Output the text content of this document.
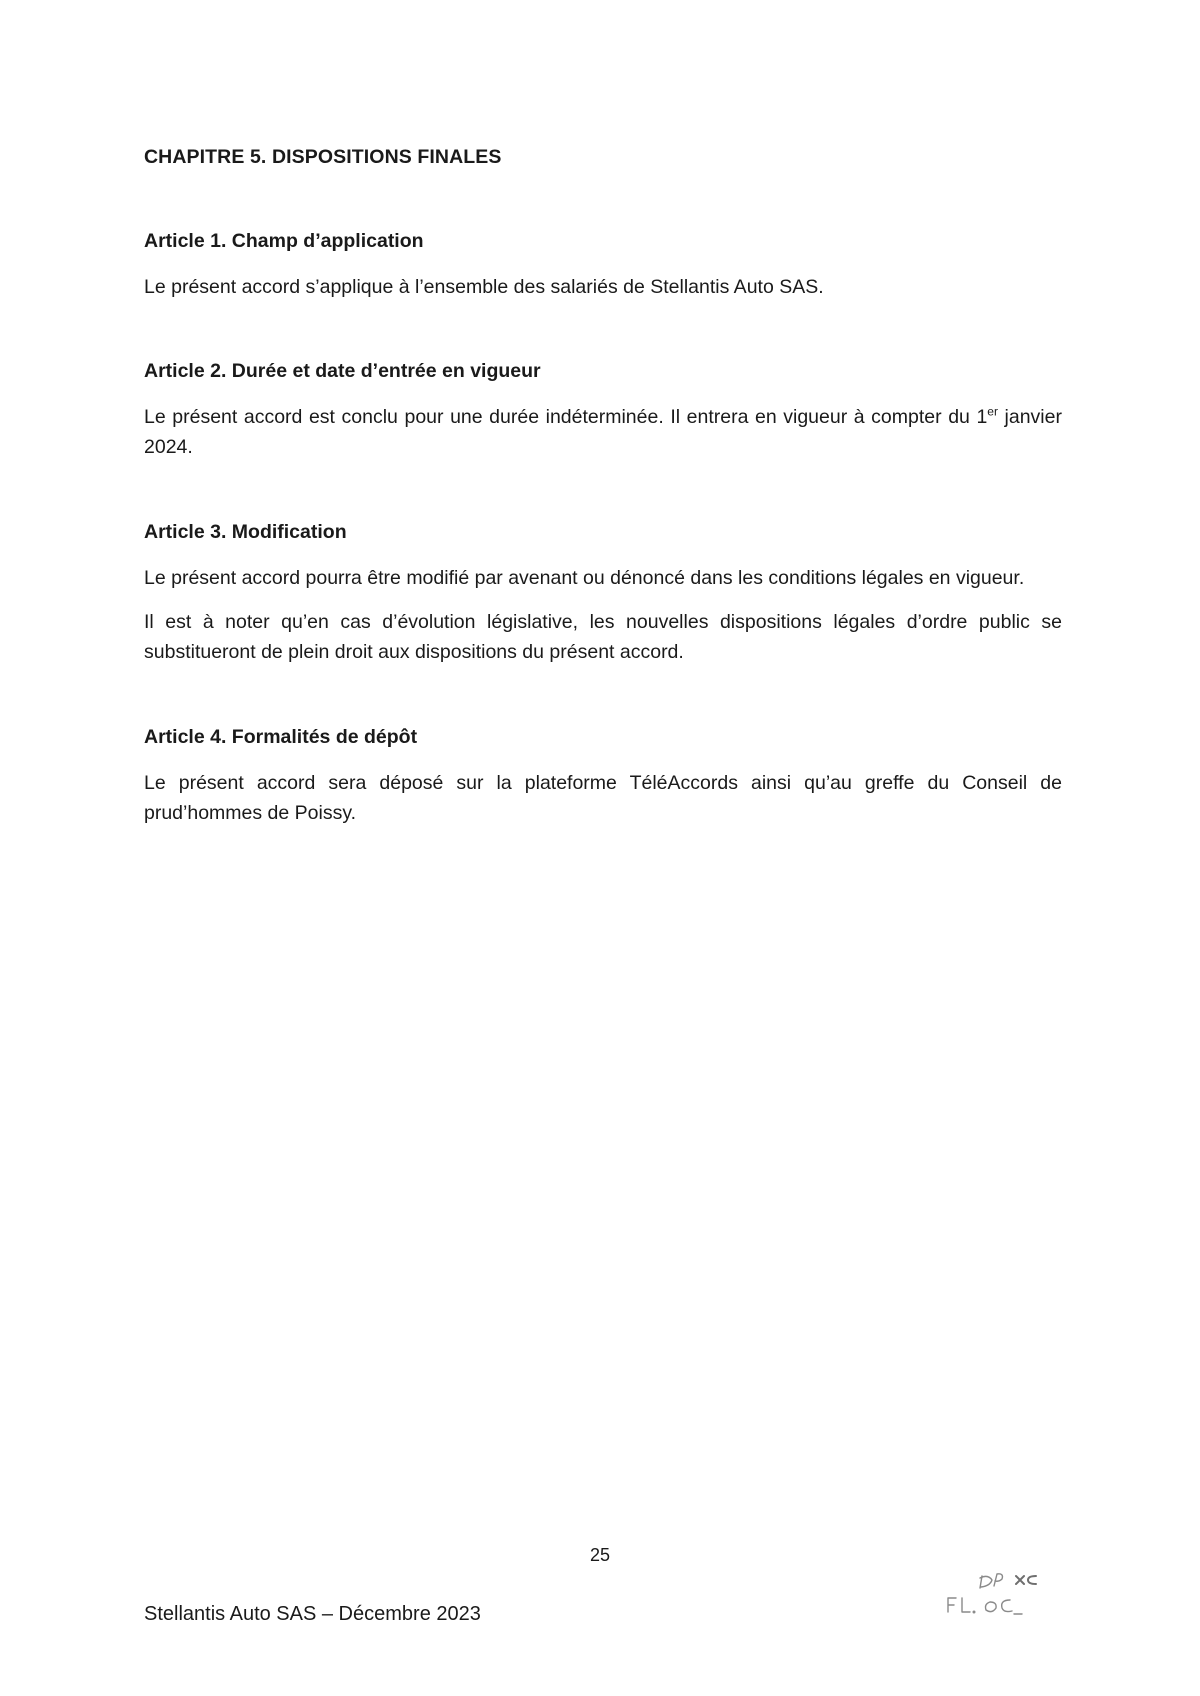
CHAPITRE 5. DISPOSITIONS FINALES
Article 1. Champ d’application

Le présent accord s’applique à l’ensemble des salariés de Stellantis Auto SAS.

Article 2. Durée et date d’entrée en vigueur

Le présent accord est conclu pour une durée indéterminée. Il entrera en vigueur à compter du 1er janvier 2024.

Article 3. Modification

Le présent accord pourra être modifié par avenant ou dénoncé dans les conditions légales en vigueur.

Il est à noter qu’en cas d’évolution législative, les nouvelles dispositions légales d’ordre public se substitueront de plein droit aux dispositions du présent accord.

Article 4. Formalités de dépôt

Le présent accord sera déposé sur la plateforme TéléAccords ainsi qu’au greffe du Conseil de prud’hommes de Poissy.

25
Stellantis Auto SAS – Décembre 2023
